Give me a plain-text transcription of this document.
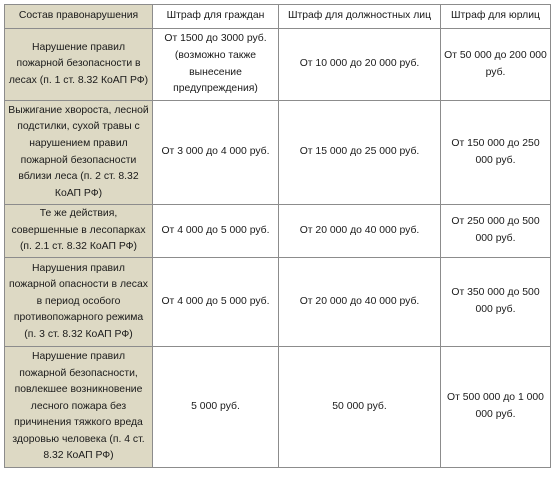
Состав правонарушения	Штраф для граждан	Штраф для должностных лиц	Штраф для юрлиц
Нарушение правил пожарной безопасности в лесах (п. 1 ст. 8.32 КоАП РФ)	От 1500 до 3000 руб. (возможно также вынесение предупреждения)	От 10 000 до 20 000 руб.	От 50 000 до 200 000 руб.
Выжигание хвороста, лесной подстилки, сухой травы с нарушением правил пожарной безопасности вблизи леса (п. 2 ст. 8.32 КоАП РФ)	От 3 000 до 4 000 руб.	От 15 000 до 25 000 руб.	От 150 000 до 250 000 руб.
Те же действия, совершенные в лесопарках (п. 2.1 ст. 8.32 КоАП РФ)	От 4 000 до 5 000 руб.	От 20 000 до 40 000 руб.	От 250 000 до 500 000 руб.
Нарушения правил пожарной опасности в лесах в период особого противопожарного режима (п. 3 ст. 8.32 КоАП РФ)	От 4 000 до 5 000 руб.	От 20 000 до 40 000 руб.	От 350 000 до 500 000 руб.
Нарушение правил пожарной безопасности, повлекшее возникновение лесного пожара без причинения тяжкого вреда здоровью человека (п. 4 ст. 8.32 КоАП РФ)	5 000 руб.	50 000 руб.	От 500 000 до 1 000 000 руб.
